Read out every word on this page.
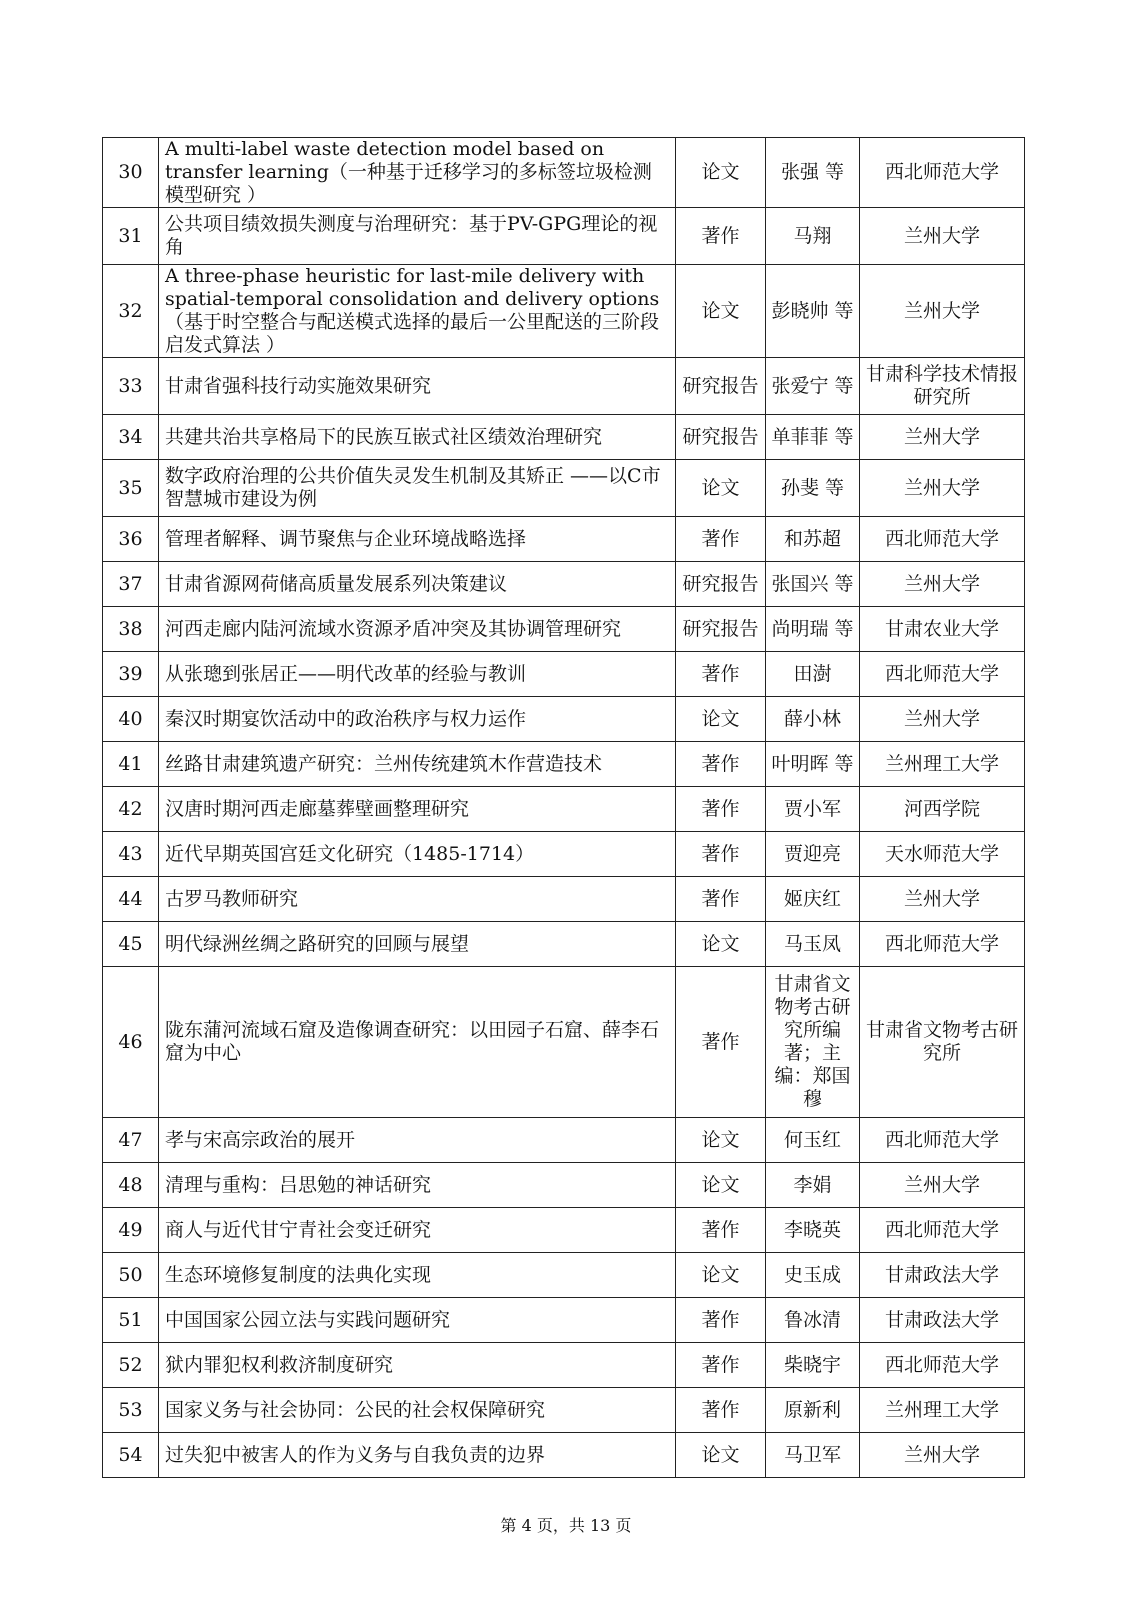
30	A multi-label waste detection model based on transfer learning（一种基于迁移学习的多标签垃圾检测模型研究 ）	论文	张强 等	西北师范大学
31	公共项目绩效损失测度与治理研究：基于PV-GPG理论的视角	著作	马翔	兰州大学
32	A three-phase heuristic for last-mile delivery with spatial-temporal consolidation and delivery options（基于时空整合与配送模式选择的最后一公里配送的三阶段启发式算法 ）	论文	彭晓帅 等	兰州大学
33	甘肃省强科技行动实施效果研究	研究报告	张爱宁 等	甘肃科学技术情报研究所
34	共建共治共享格局下的民族互嵌式社区绩效治理研究	研究报告	单菲菲 等	兰州大学
35	数字政府治理的公共价值失灵发生机制及其矫正 ——以C市智慧城市建设为例	论文	孙斐 等	兰州大学
36	管理者解释、调节聚焦与企业环境战略选择	著作	和苏超	西北师范大学
37	甘肃省源网荷储高质量发展系列决策建议	研究报告	张国兴 等	兰州大学
38	河西走廊内陆河流域水资源矛盾冲突及其协调管理研究	研究报告	尚明瑞 等	甘肃农业大学
39	从张璁到张居正——明代改革的经验与教训	著作	田澍	西北师范大学
40	秦汉时期宴饮活动中的政治秩序与权力运作	论文	薛小林	兰州大学
41	丝路甘肃建筑遗产研究：兰州传统建筑木作营造技术	著作	叶明晖 等	兰州理工大学
42	汉唐时期河西走廊墓葬壁画整理研究	著作	贾小军	河西学院
43	近代早期英国宫廷文化研究（1485-1714）	著作	贾迎亮	天水师范大学
44	古罗马教师研究	著作	姬庆红	兰州大学
45	明代绿洲丝绸之路研究的回顾与展望	论文	马玉凤	西北师范大学
46	陇东蒲河流域石窟及造像调查研究：以田园子石窟、薛李石窟为中心	著作	甘肃省文物考古研究所编著；主编：郑国穆	甘肃省文物考古研究所
47	孝与宋高宗政治的展开	论文	何玉红	西北师范大学
48	清理与重构：吕思勉的神话研究	论文	李娟	兰州大学
49	商人与近代甘宁青社会变迁研究	著作	李晓英	西北师范大学
50	生态环境修复制度的法典化实现	论文	史玉成	甘肃政法大学
51	中国国家公园立法与实践问题研究	著作	鲁冰清	甘肃政法大学
52	狱内罪犯权利救济制度研究	著作	柴晓宇	西北师范大学
53	国家义务与社会协同：公民的社会权保障研究	著作	原新利	兰州理工大学
54	过失犯中被害人的作为义务与自我负责的边界	论文	马卫军	兰州大学
第 4 页，共 13 页
